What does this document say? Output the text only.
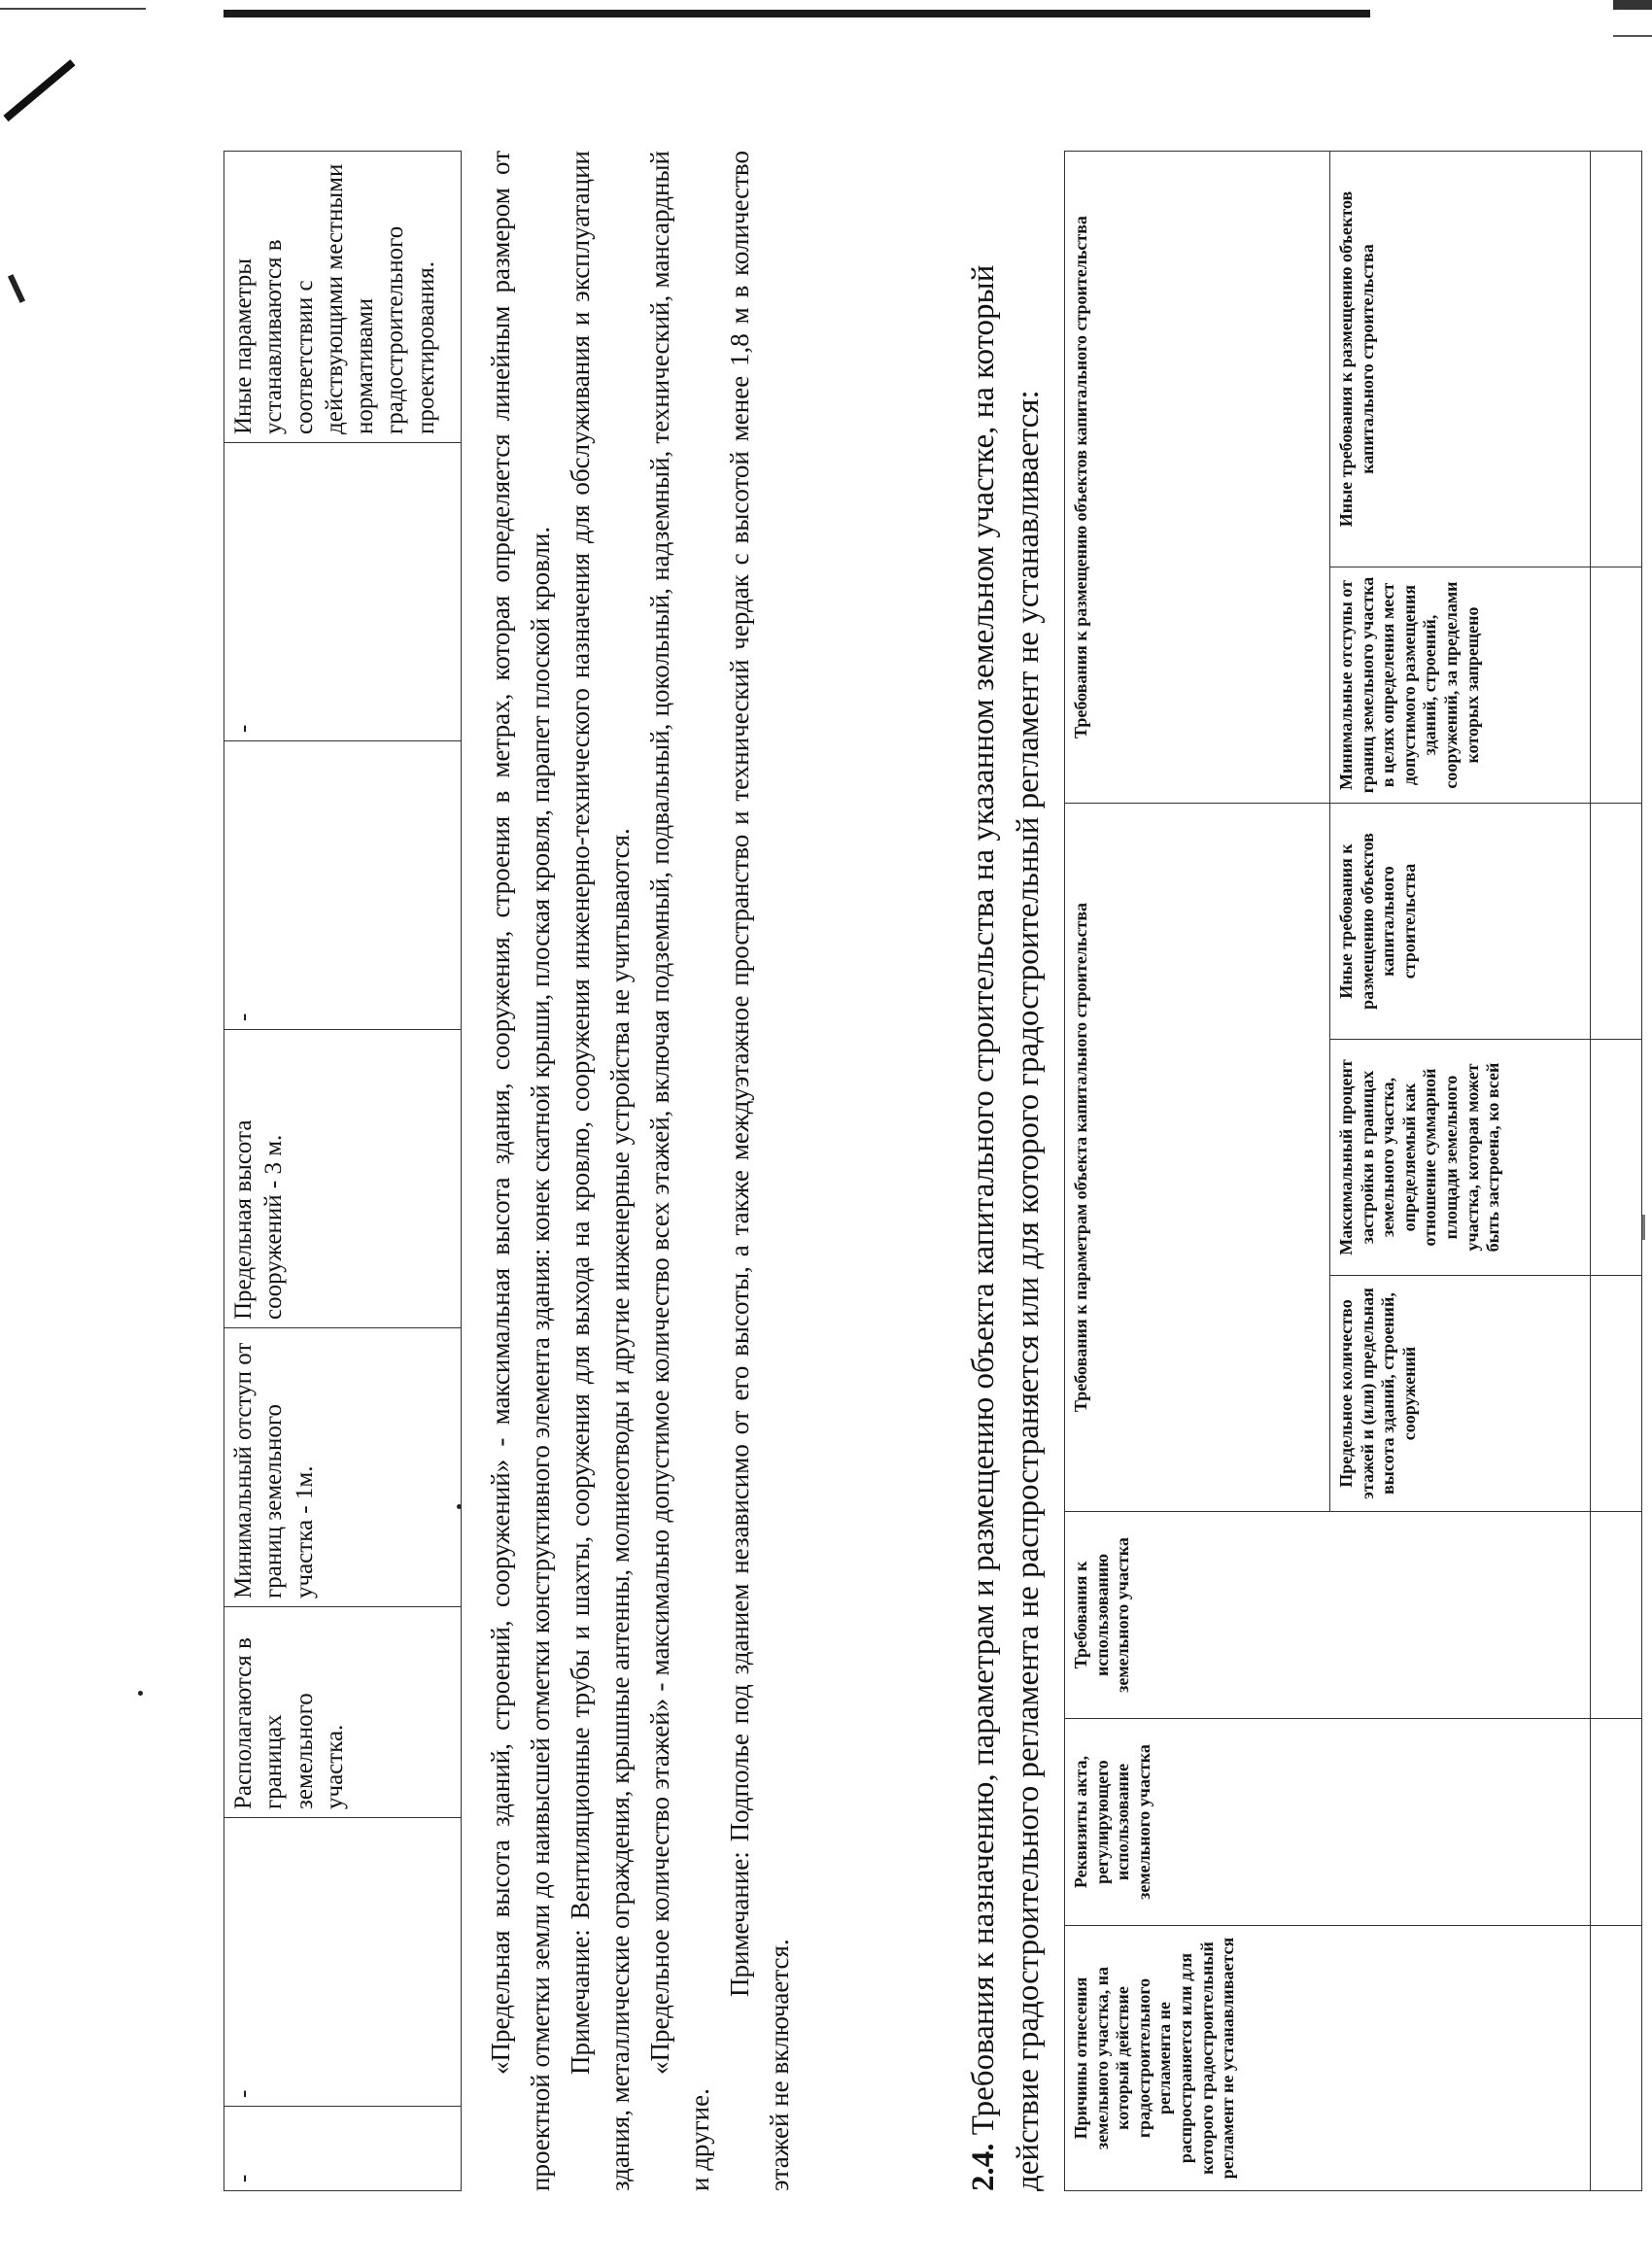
-	-	Располагаются в границах земельного участка.	Минимальный отступ от границ земельного участка - 1м.	Предельная высота сооружений - 3 м.	-	-	Иные параметры устанавливаются в соответствии с действующими местными нормативами градостроительного проектирования. «Предельная высота зданий, строений, сооружений» - максимальная высота здания, сооружения, строения в метрах, которая определяется линейным размером от проектной отметки земли до наивысшей отметки конструктивного элемента здания: конек скатной крыши, плоская кровля, парапет плоской кровли. Примечание: Вентиляционные трубы и шахты, сооружения для выхода на кровлю, сооружения инженерно-технического назначения для обслуживания и эксплуатации здания, металлические ограждения, крышные антенны, молниеотводы и другие инженерные устройства не учитываются. «Предельное количество этажей» - максимально допустимое количество всех этажей, включая подземный, подвальный, цокольный, надземный, технический, мансардный и другие.

Примечание: Подполье под зданием независимо от его высоты, а также междуэтажное пространство и технический чердак с высотой менее 1,8 м в количество этажей не включается.	2.4. Требования к назначению, параметрам и размещению объекта капитального строительства на указанном земельном участке, на который действие градостроительного регламента не распространяется или для которого градостроительный регламент не устанавливается:	Причины отнесения земельного участка, на который действие градостроительного регламента не распространяется или для которого градостроительный регламент не устанавливается	Реквизиты акта, регулирующего использование земельного участка	Требования к использованию земельного участка	Требования к параметрам объекта капитального строительства			Требования к размещению объектов капитального строительства	
			Предельное количество этажей и (или) предельная высота зданий, строений, сооружений	Максимальный процент застройки в границах земельного участка, определяемый как отношение суммарной площади земельного участка, которая может быть застроена, ко всей	Иные требования к размещению объектов капитального строительства	Минимальные отступы от границ земельного участка в целях определения мест допустимого размещения зданий, строений, сооружений, за пределами которых запрещено	Иные требования к размещению объектов капитального строительства
